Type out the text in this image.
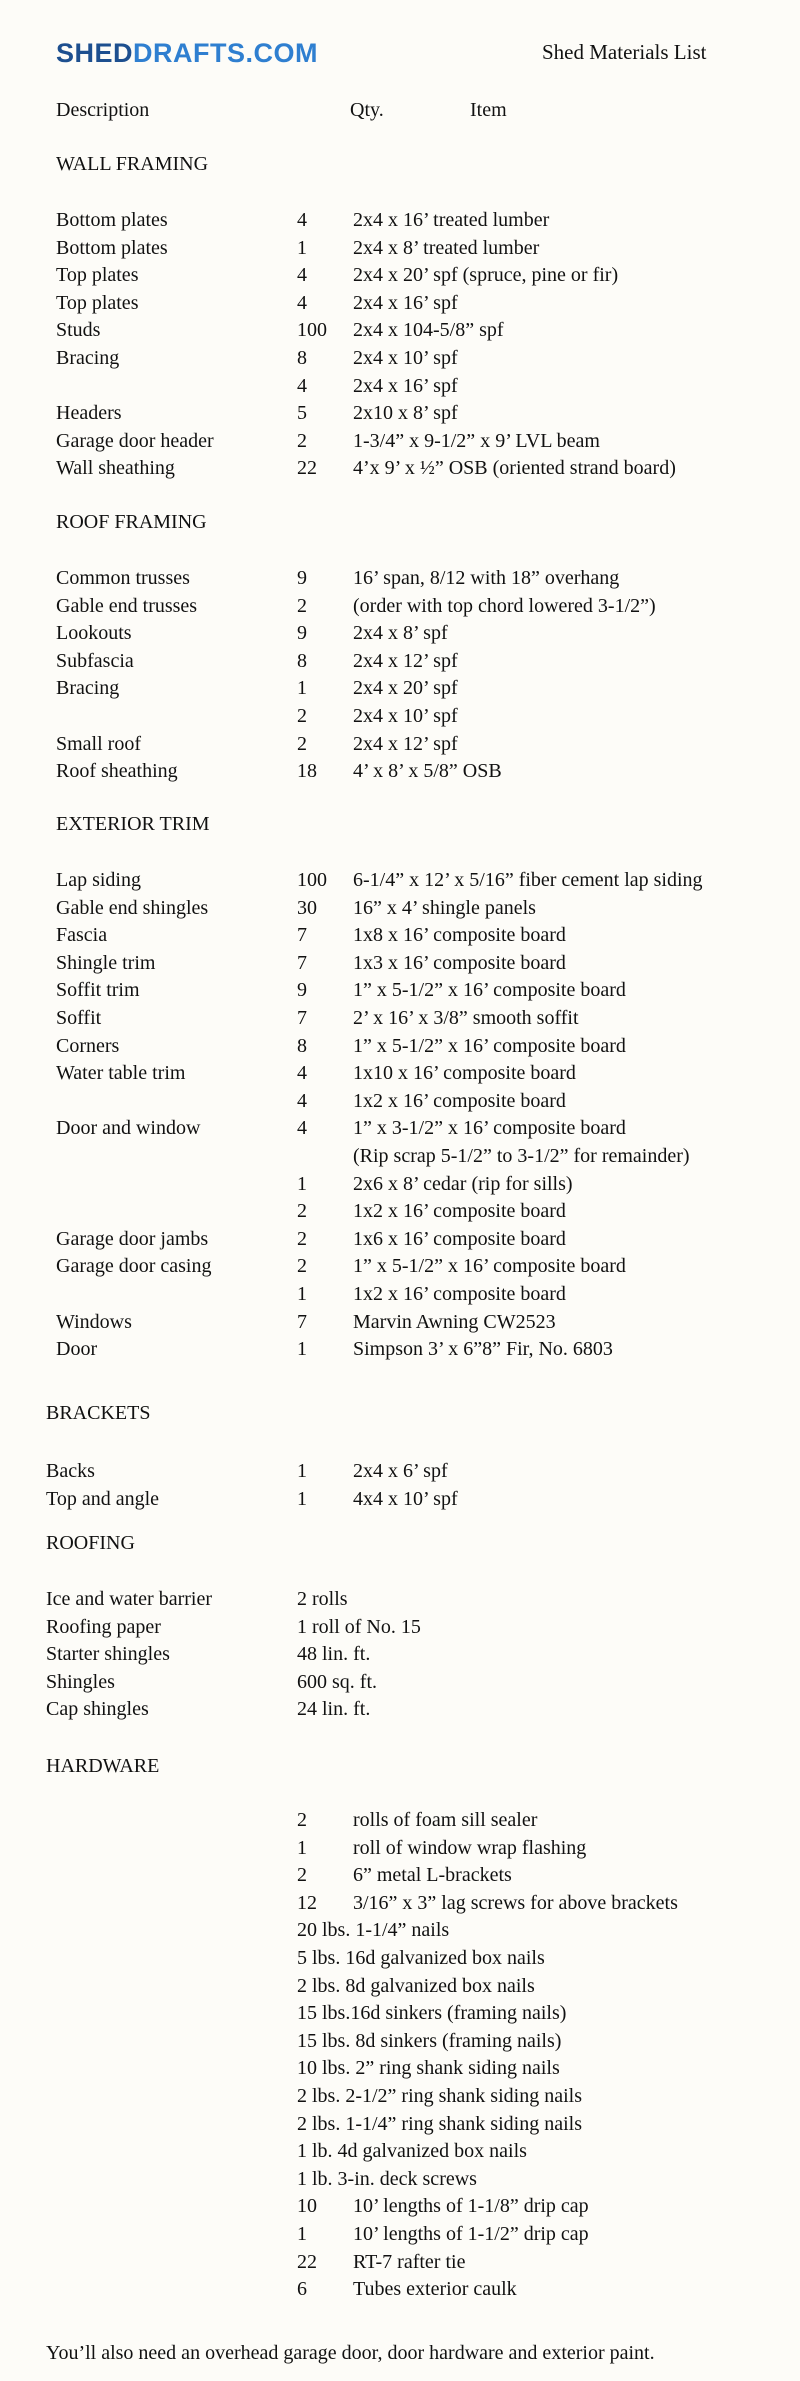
SHEDDRAFTS.COM	Shed Materials List
Description	Qty.	Item
WALL FRAMING
Bottom plates	4 2x4 x 16’ treated lumber
Bottom plates	1 2x4 x 8’ treated lumber
Top plates	4 2x4 x 20’ spf (spruce, pine or fir)
Top plates	4 2x4 x 16’ spf
Studs	100 2x4 x 104-5/8” spf
Bracing	8 2x4 x 10’ spf
4 2x4 x 16’ spf
Headers	5 2x10 x 8’ spf
Garage door header	2 1-3/4” x 9-1/2” x 9’ LVL beam
Wall sheathing	22 4’x 9’ x ½” OSB (oriented strand board)
ROOF FRAMING
Common trusses	9 16’ span, 8/12 with 18” overhang
Gable end trusses	2 (order with top chord lowered 3-1/2”)
Lookouts	9 2x4 x 8’ spf
Subfascia	8 2x4 x 12’ spf
Bracing	1 2x4 x 20’ spf
2 2x4 x 10’ spf
Small roof	2 2x4 x 12’ spf
Roof sheathing	18 4’ x 8’ x 5/8” OSB
EXTERIOR TRIM
Lap siding	100 6-1/4” x 12’ x 5/16” fiber cement lap siding
Gable end shingles	30 16” x 4’ shingle panels
Fascia	7 1x8 x 16’ composite board
Shingle trim	7 1x3 x 16’ composite board
Soffit trim	9 1” x 5-1/2” x 16’ composite board
Soffit	7 2’ x 16’ x 3/8” smooth soffit
Corners	8 1” x 5-1/2” x 16’ composite board
Water table trim	4 1x10 x 16’ composite board
4 1x2 x 16’ composite board
Door and window	4 1” x 3-1/2” x 16’ composite board
(Rip scrap 5-1/2” to 3-1/2” for remainder)
1 2x6 x 8’ cedar (rip for sills)
2 1x2 x 16’ composite board
Garage door jambs	2 1x6 x 16’ composite board
Garage door casing	2 1” x 5-1/2” x 16’ composite board
1 1x2 x 16’ composite board
Windows	7 Marvin Awning CW2523
Door	1 Simpson 3’ x 6”8” Fir, No. 6803
BRACKETS
Backs	1 2x4 x 6’ spf
Top and angle	1 4x4 x 10’ spf
ROOFING
Ice and water barrier	2 rolls
Roofing paper	1 roll of No. 15
Starter shingles	48 lin. ft.
Shingles	600 sq. ft.
Cap shingles	24 lin. ft.
HARDWARE
2 rolls of foam sill sealer
1 roll of window wrap flashing
2 6” metal L-brackets
12 3/16” x 3” lag screws for above brackets
20 lbs. 1-1/4” nails
5 lbs. 16d galvanized box nails
2 lbs. 8d galvanized box nails
15 lbs.16d sinkers (framing nails)
15 lbs. 8d sinkers (framing nails)
10 lbs. 2” ring shank siding nails
2 lbs. 2-1/2” ring shank siding nails
2 lbs. 1-1/4” ring shank siding nails
1 lb. 4d galvanized box nails
1 lb. 3-in. deck screws
10 10’ lengths of 1-1/8” drip cap
1 10’ lengths of 1-1/2” drip cap
22 RT-7 rafter tie
6 Tubes exterior caulk
You’ll also need an overhead garage door, door hardware and exterior paint.
